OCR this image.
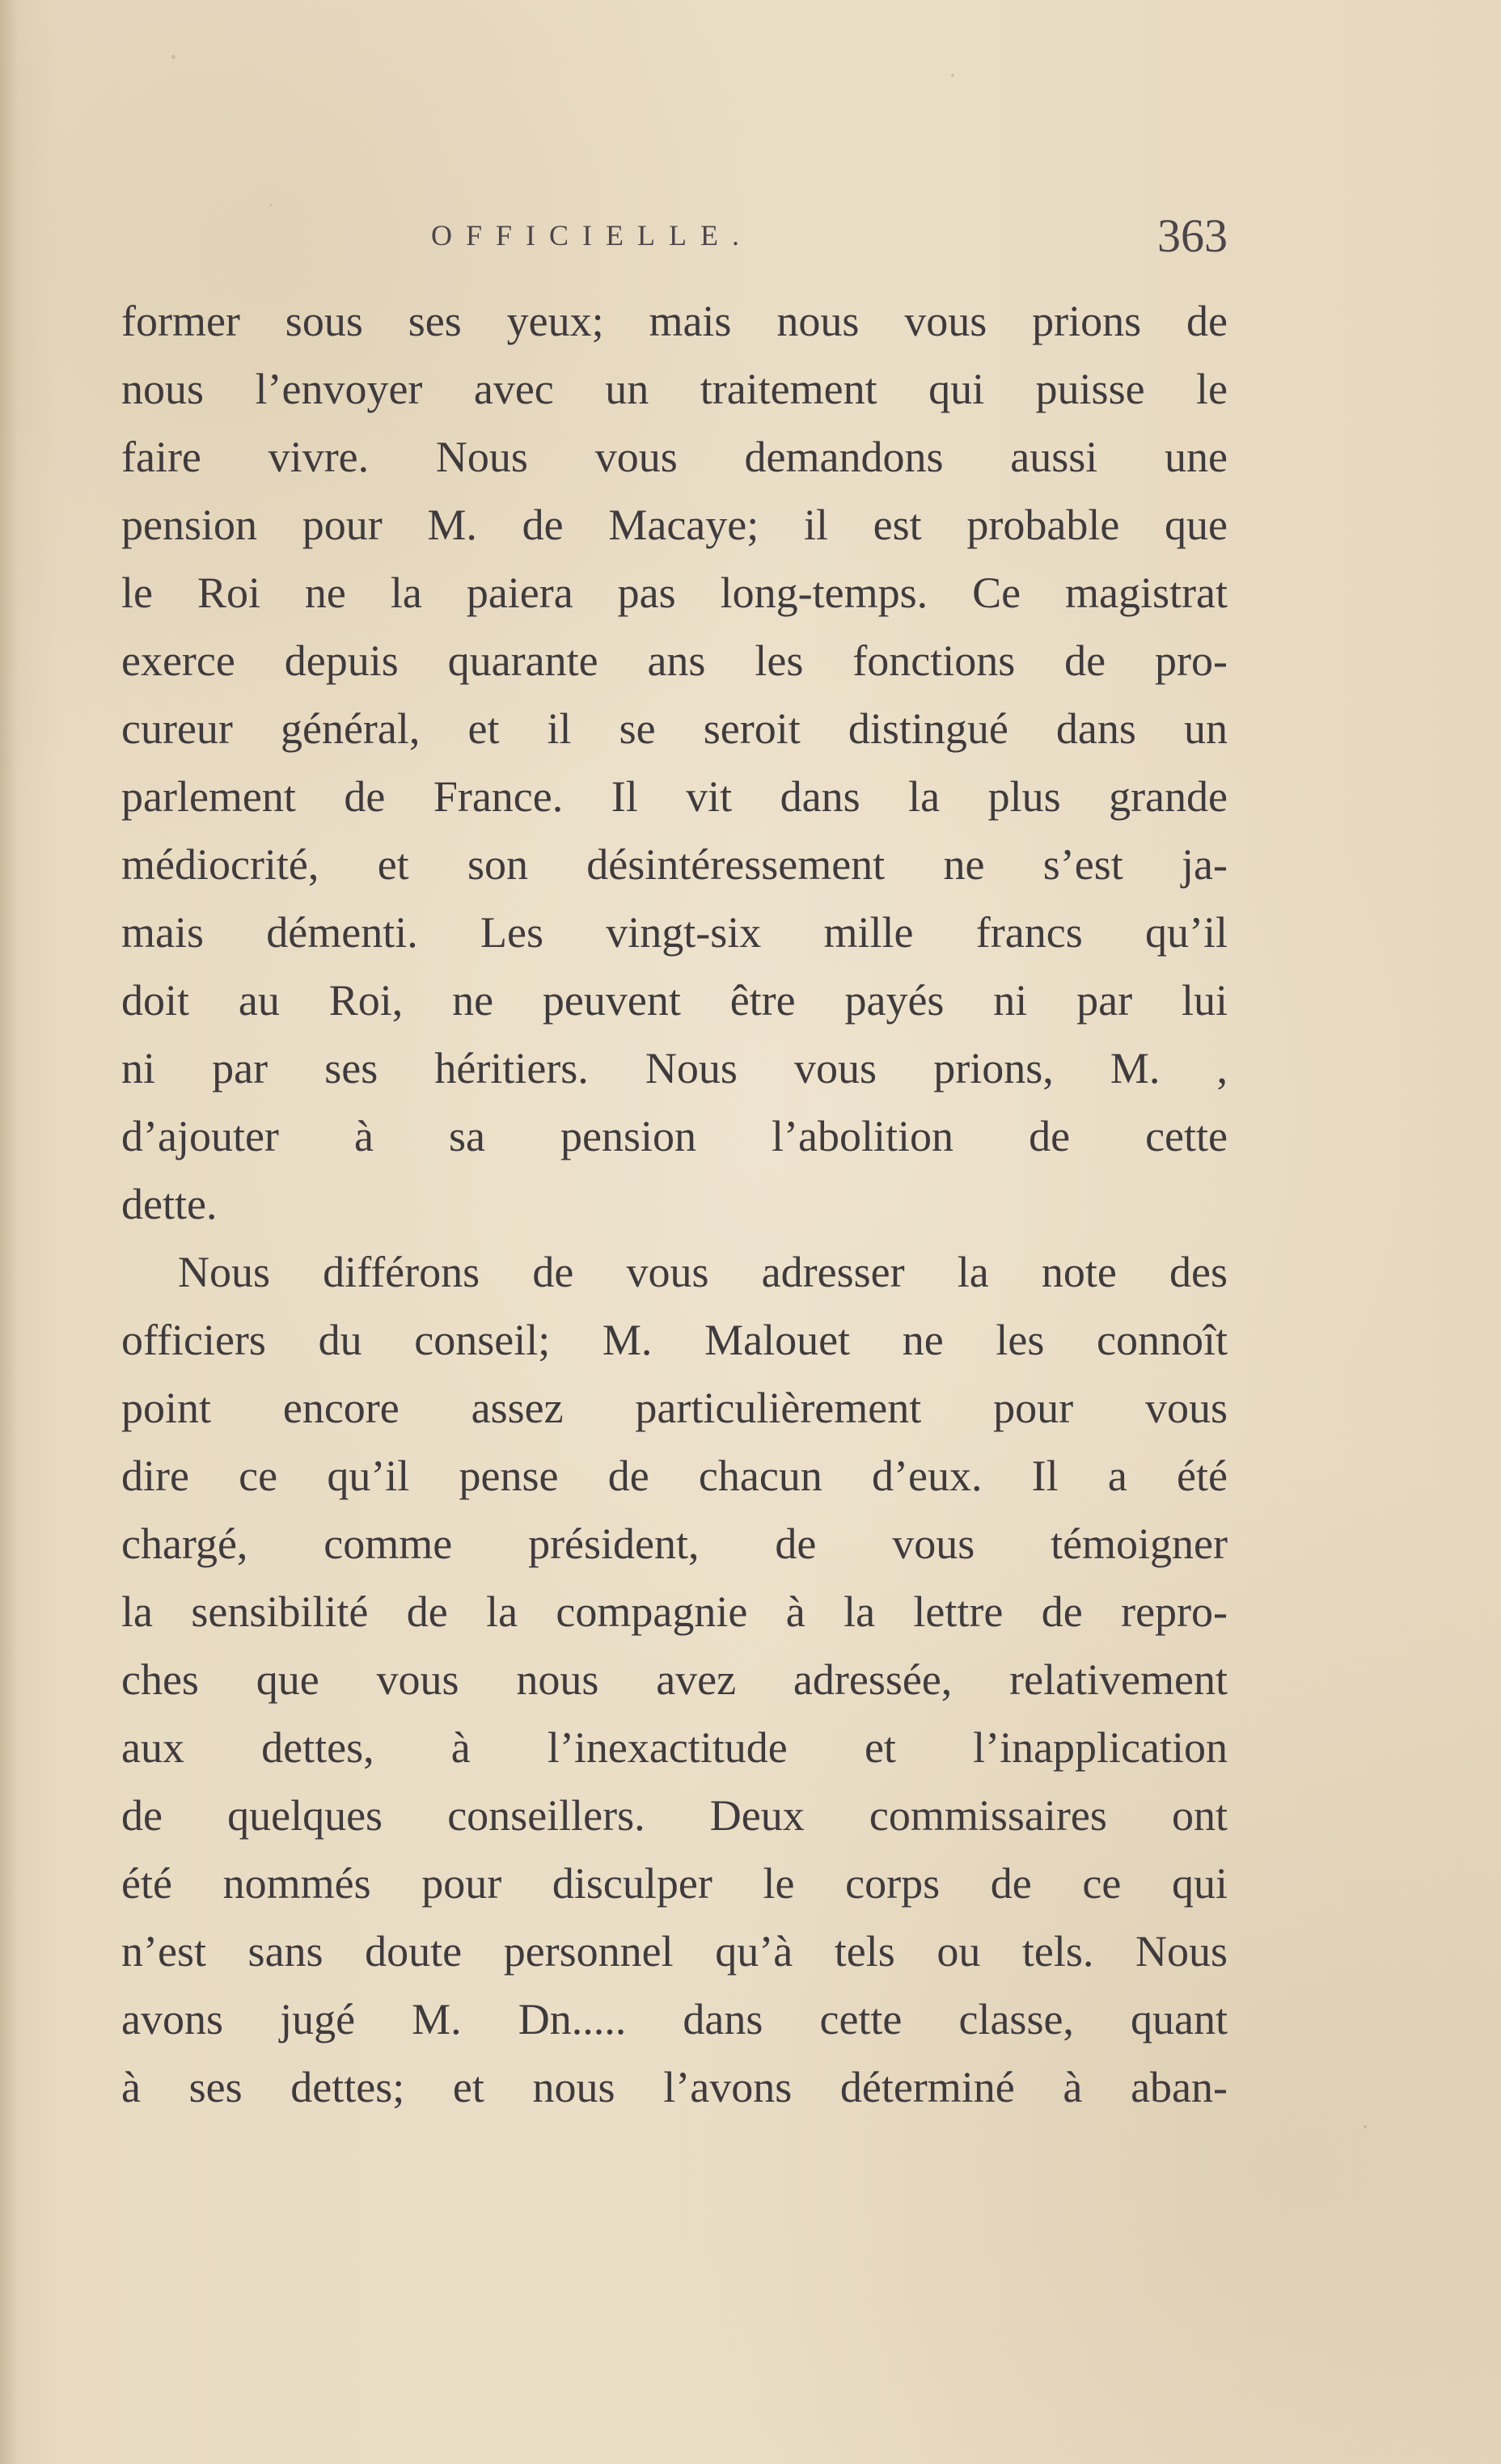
OFFICIELLE.	363
former sous ses yeux; mais nous vous prions de
nous l’envoyer avec un traitement qui puisse le
faire vivre. Nous vous demandons aussi une
pension pour M. de Macaye; il est probable que
le Roi ne la paiera pas long-temps. Ce magistrat
exerce depuis quarante ans les fonctions de pro-
cureur général, et il se seroit distingué dans un
parlement de France. Il vit dans la plus grande
médiocrité, et son désintéressement ne s’est ja-
mais démenti. Les vingt-six mille francs qu’il
doit au Roi, ne peuvent être payés ni par lui
ni par ses héritiers. Nous vous prions, M. ,
d’ajouter à sa pension l’abolition de cette
dette.
Nous différons de vous adresser la note des
officiers du conseil; M. Malouet ne les connoît
point encore assez particulièrement pour vous
dire ce qu’il pense de chacun d’eux. Il a été
chargé, comme président, de vous témoigner
la sensibilité de la compagnie à la lettre de repro-
ches que vous nous avez adressée, relativement
aux dettes, à l’inexactitude et l’inapplication
de quelques conseillers. Deux commissaires ont
été nommés pour disculper le corps de ce qui
n’est sans doute personnel qu’à tels ou tels. Nous
avons jugé M. Dn..... dans cette classe, quant
à ses dettes; et nous l’avons déterminé à aban-
